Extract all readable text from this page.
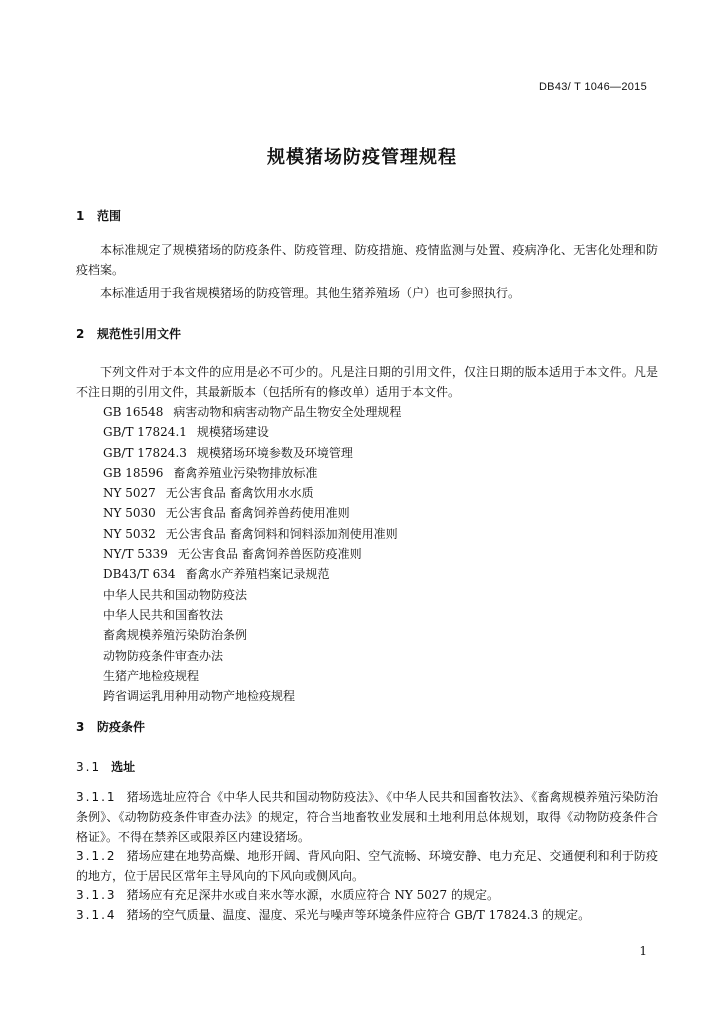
DB43/ T 1046—2015
规模猪场防疫管理规程
1 范围
本标准规定了规模猪场的防疫条件、防疫管理、防疫措施、疫情监测与处置、疫病净化、无害化处理和防疫档案。
本标准适用于我省规模猪场的防疫管理。其他生猪养殖场（户）也可参照执行。
2 规范性引用文件
下列文件对于本文件的应用是必不可少的。凡是注日期的引用文件，仅注日期的版本适用于本文件。凡是不注日期的引用文件，其最新版本（包括所有的修改单）适用于本文件。
GB 16548 病害动物和病害动物产品生物安全处理规程
GB/T 17824.1 规模猪场建设
GB/T 17824.3 规模猪场环境参数及环境管理
GB 18596 畜禽养殖业污染物排放标准
NY 5027 无公害食品 畜禽饮用水水质
NY 5030 无公害食品 畜禽饲养兽药使用准则
NY 5032 无公害食品 畜禽饲料和饲料添加剂使用准则
NY/T 5339 无公害食品 畜禽饲养兽医防疫准则
DB43/T 634 畜禽水产养殖档案记录规范
中华人民共和国动物防疫法
中华人民共和国畜牧法
畜禽规模养殖污染防治条例
动物防疫条件审查办法
生猪产地检疫规程
跨省调运乳用种用动物产地检疫规程
3 防疫条件
3.1 选址
3.1.1 猪场选址应符合《中华人民共和国动物防疫法》、《中华人民共和国畜牧法》、《畜禽规模养殖污染防治条例》、《动物防疫条件审查办法》的规定，符合当地畜牧业发展和土地利用总体规划，取得《动物防疫条件合格证》。不得在禁养区或限养区内建设猪场。
3.1.2 猪场应建在地势高燥、地形开阔、背风向阳、空气流畅、环境安静、电力充足、交通便利和利于防疫的地方，位于居民区常年主导风向的下风向或侧风向。
3.1.3 猪场应有充足深井水或自来水等水源，水质应符合 NY 5027 的规定。
3.1.4 猪场的空气质量、温度、湿度、采光与噪声等环境条件应符合 GB/T 17824.3 的规定。
1
